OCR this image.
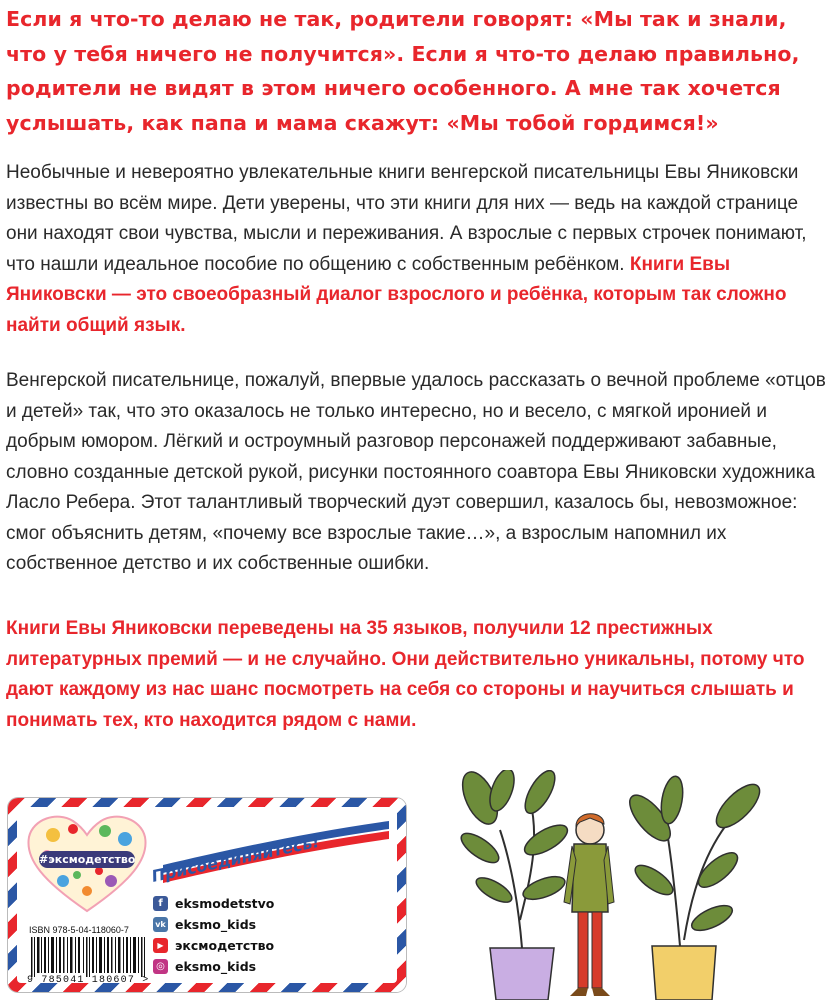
Если я что-то делаю не так, родители говорят: «Мы так и знали, что у тебя ничего не получится». Если я что-то делаю правильно, родители не видят в этом ничего особенного. А мне так хочется услышать, как папа и мама скажут: «Мы тобой гордимся!»
Необычные и невероятно увлекательные книги венгерской писательницы Евы Яниковски известны во всём мире. Дети уверены, что эти книги для них — ведь на каждой странице они находят свои чувства, мысли и переживания. А взрослые с первых строчек понимают, что нашли идеальное пособие по общению с собственным ребёнком. Книги Евы Яниковски — это своеобразный диалог взрослого и ребёнка, которым так сложно найти общий язык.
Венгерской писательнице, пожалуй, впервые удалось рассказать о вечной проблеме «отцов и детей» так, что это оказалось не только интересно, но и весело, с мягкой иронией и добрым юмором. Лёгкий и остроумный разговор персонажей поддерживают забавные, словно созданные детской рукой, рисунки постоянного соавтора Евы Яниковски художника Ласло Ребера. Этот талантливый творческий дуэт совершил, казалось бы, невозможное: смог объяснить детям, «почему все взрослые такие…», а взрослым напомнил их собственное детство и их собственные ошибки.
Книги Евы Яниковски переведены на 35 языков, получили 12 престижных литературных премий — и не случайно. Они действительно уникальны, потому что дают каждому из нас шанс посмотреть на себя со стороны и научиться слышать и понимать тех, кто находится рядом с нами.
#эксмодетство
ISBN 978-5-04-118060-7
9 785041 180607 >
Присоединяйтесь!
f eksmodetstvo
vk eksmo_kids
▶ эксмодетство
◎ eksmo_kids
